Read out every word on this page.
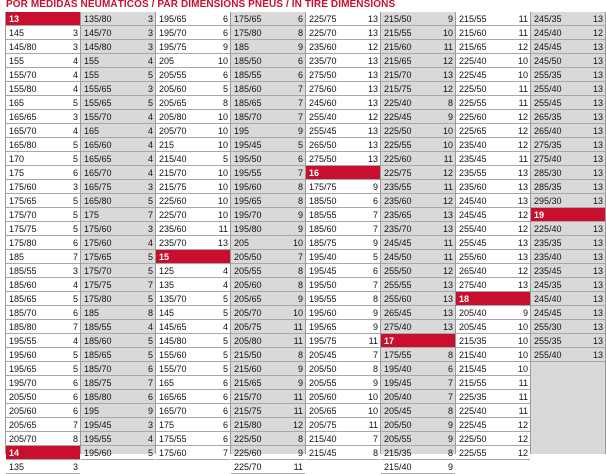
POR MEDIDAS NEUMÁTICOS / PAR DIMENSIONS PNEUS / IN TIRE DIMENSIONS
13
145	3
145/80	3
155	4
155/70	4
155/80	4
165	5
165/65	3
165/70	4
165/80	5
170	5
175	6
175/60	3
175/65	5
175/70	5
175/75	5
175/80	6
185	7
185/55	3
185/60	4
185/65	5
185/70	6
185/80	7
195/55	4
195/60	5
195/65	5
195/70	6
205/50	6
205/60	6
205/65	7
205/70	8
14
135	3
135/80	3
145/70	3
145/80	3
155	4
155	5
155/65	3
155/65	5
155/70	4
165	4
165/60	4
165/65	4
165/70	4
165/75	3
165/80	5
175	7
175/60	3
175/60	4
175/65	5
175/70	5
175/75	7
175/80	5
185	8
185/55	4
185/60	5
185/65	5
185/70	6
185/75	7
185/80	6
195	9
195/45	3
195/55	4
195/60	5
195/65	6
195/70	6
195/75	9
205	10
205/55	6
205/60	5
205/65	8
205/80	10
205/70	10
215	10
215/40	5
215/70	10
215/75	10
225/60	10
225/70	10
235/60	11
235/70	13
15
125	4
135	4
135/70	5
145	5
145/65	4
145/80	5
155/60	5
155/70	5
165	6
165/65	6
165/70	6
175	6
175/55	6
175/60	7
175/65	6
175/80	8
185	9
185/50	6
185/55	6
185/60	7
185/65	7
185/70	7
195	9
195/45	5
195/50	6
195/55	7
195/60	8
195/65	8
195/70	9
195/80	9
205	10
205/50	7
205/55	8
205/60	8
205/65	9
205/70	10
205/75	11
205/80	11
215/50	8
215/60	9
215/65	9
215/70	11
215/75	11
215/80	12
225/50	8
225/60	9
225/70	11
225/75	13
225/70	13
235/60	12
235/70	13
275/50	13
275/60	13
245/60	13
255/40	12
255/45	13
265/50	13
275/50	13
16
175/75	9
185/50	6
185/55	7
185/60	7
185/75	9
195/40	5
195/45	6
195/50	7
195/55	8
195/60	9
195/65	9
195/75	11
205/45	7
205/50	8
205/55	9
205/60	10
205/65	10
205/75	11
215/40	7
215/45	8
215/50	9
215/55	10
215/60	11
215/65	12
215/70	13
215/75	12
225/40	8
225/45	9
225/50	10
225/55	10
225/60	11
225/75	12
235/55	11
235/60	12
235/65	13
235/70	13
245/45	11
245/50	11
255/50	12
255/55	13
255/60	13
265/45	13
275/40	13
17
175/55	8
195/40	6
195/45	7
205/40	7
205/45	8
205/50	9
205/55	9
215/35	8
215/40	9
215/55	11
215/60	11
215/65	12
225/40	10
225/45	10
225/50	11
225/55	11
225/60	12
225/65	12
235/40	12
235/45	11
235/55	13
235/60	13
245/40	13
245/45	12
255/40	12
255/45	13
255/60	13
265/40	12
275/40	13
18
205/40	9
205/45	10
215/35	10
215/40	10
215/45	10
215/55	11
225/35	11
225/40	11
225/45	12
225/50	12
225/55	12
245/35	13
245/40	12
245/45	13
245/50	13
255/35	13
255/40	13
255/45	13
265/35	13
265/40	13
275/35	13
275/40	13
285/30	13
285/35	13
295/30	13
19
225/40	13
235/35	13
235/40	13
235/45	13
245/35	13
245/40	13
245/45	13
255/30	13
255/35	13
255/40	13
